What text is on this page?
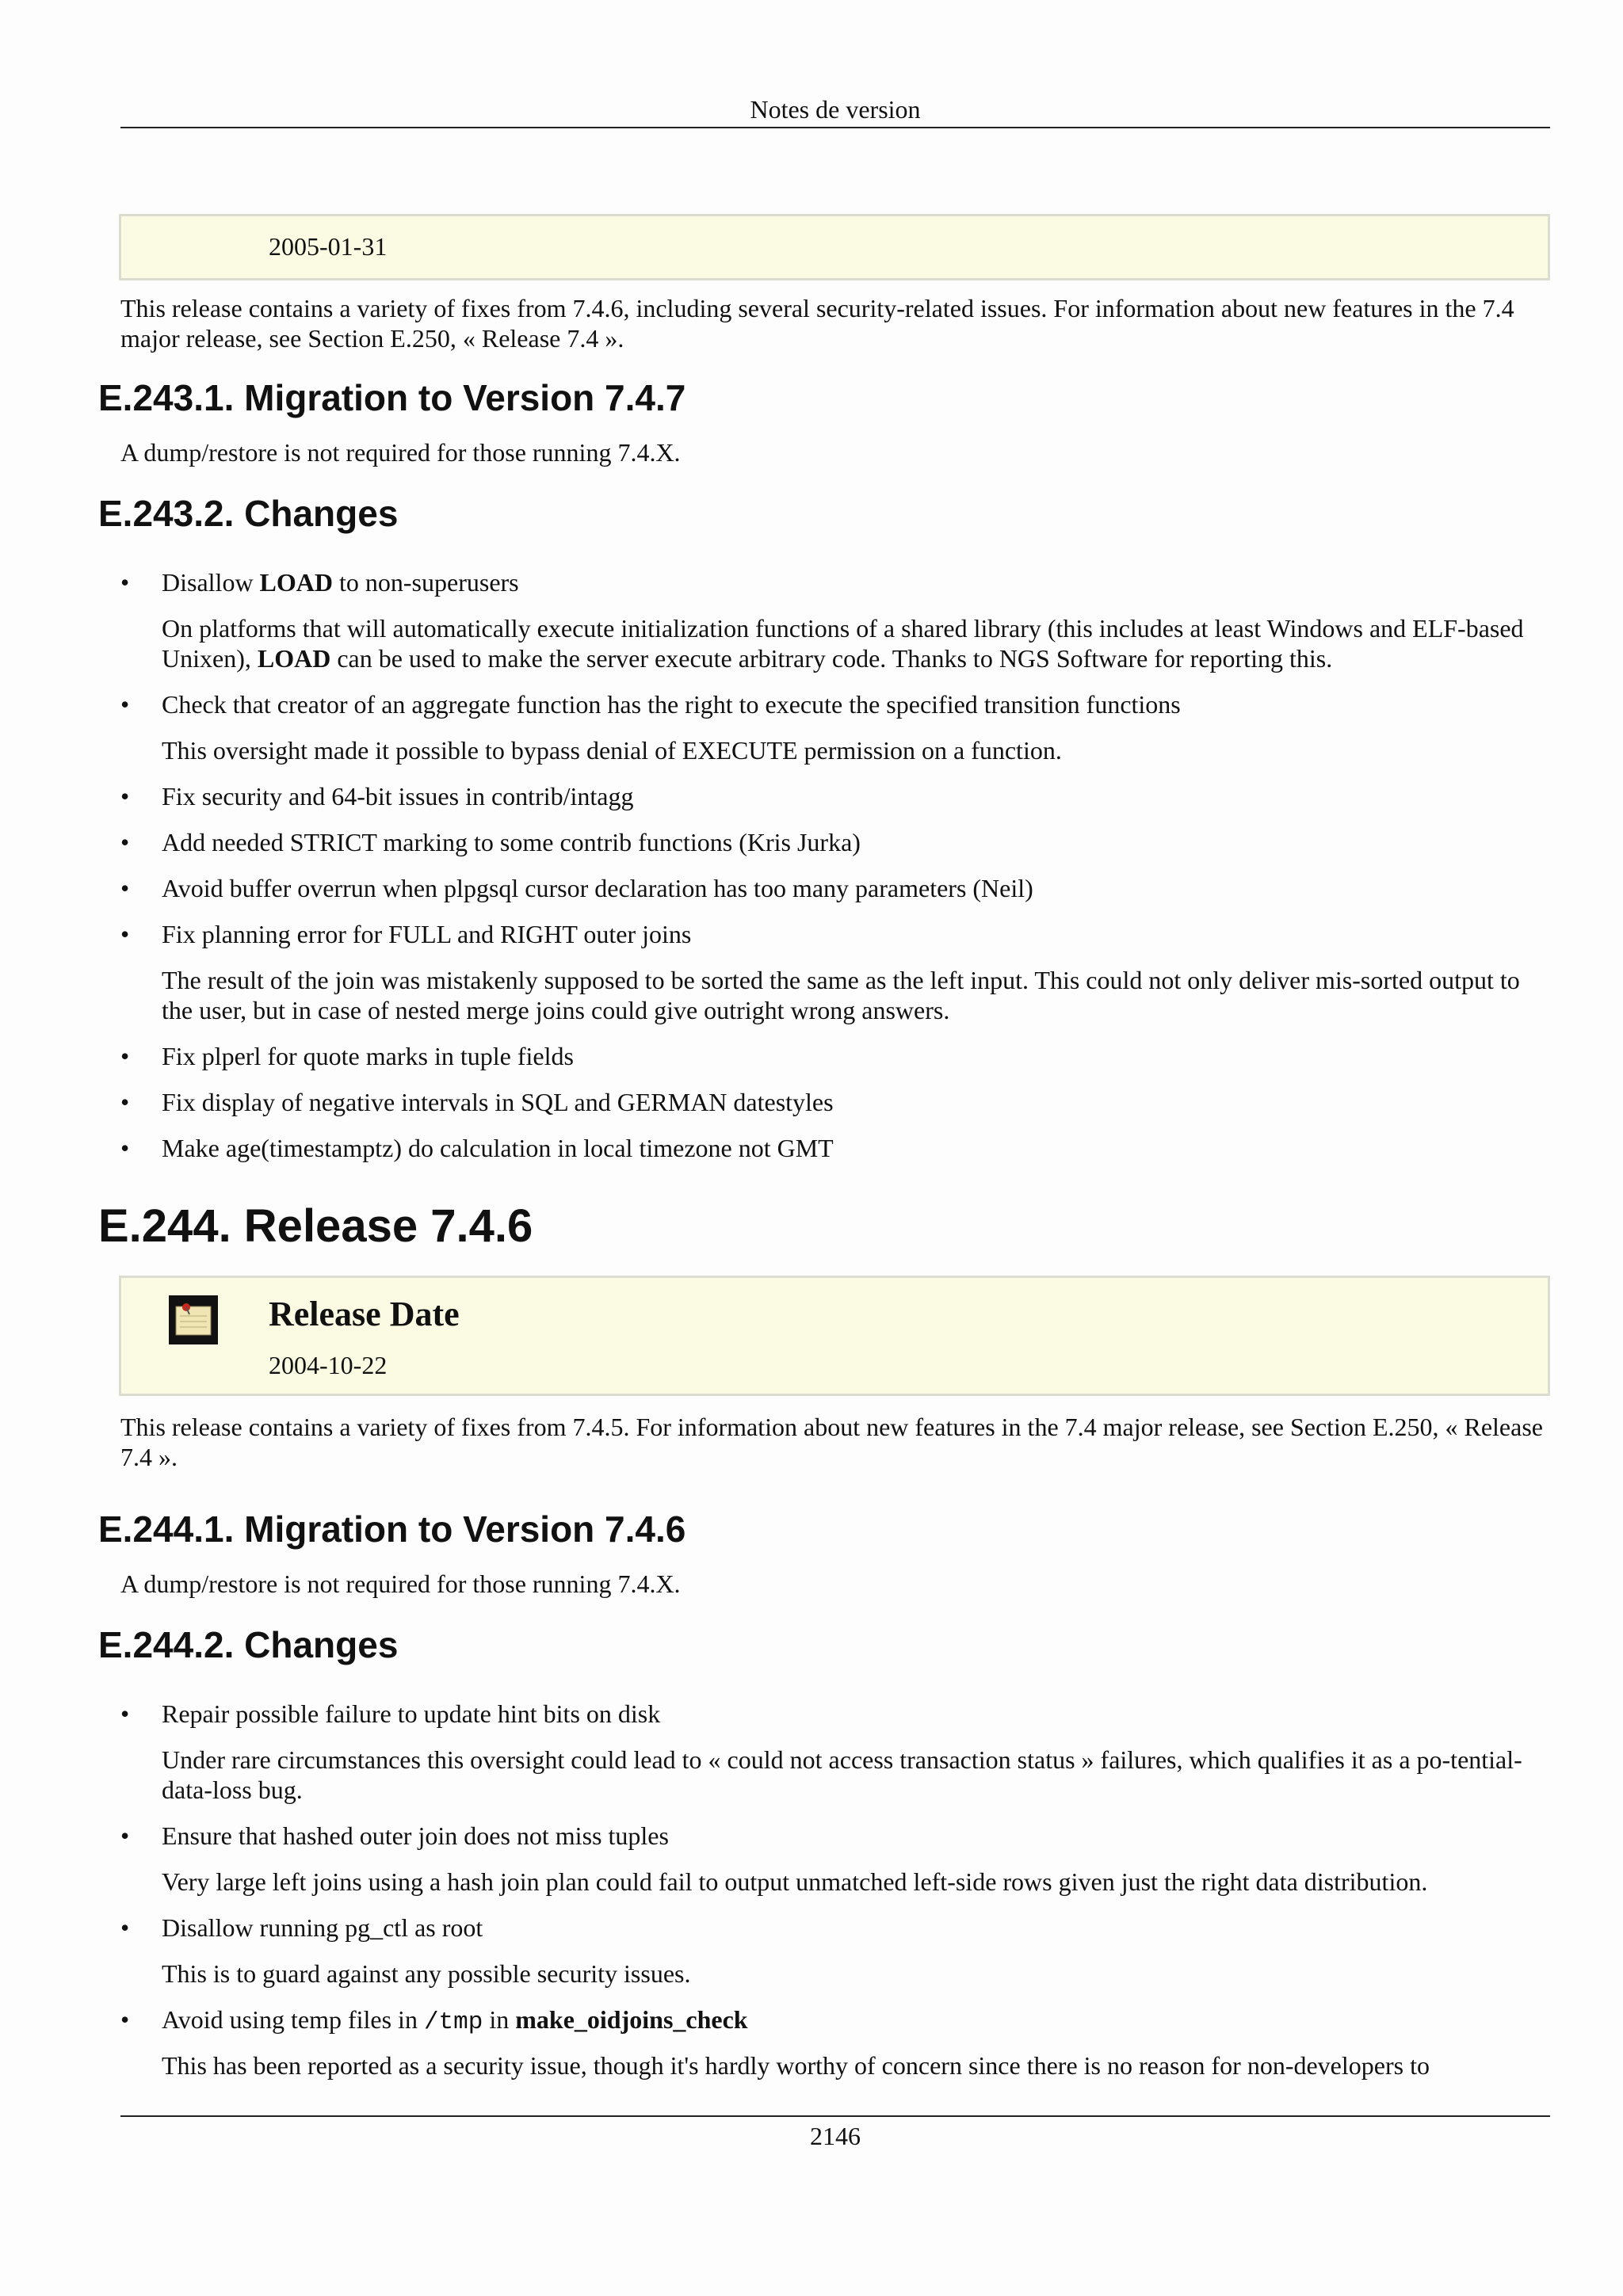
Notes de version
2005-01-31
This release contains a variety of fixes from 7.4.6, including several security-related issues. For information about new features in the 7.4 major release, see Section E.250, « Release 7.4 ».
E.243.1. Migration to Version 7.4.7
A dump/restore is not required for those running 7.4.X.
E.243.2. Changes
• Disallow LOAD to non-superusers
On platforms that will automatically execute initialization functions of a shared library (this includes at least Windows and ELF-based Unixen), LOAD can be used to make the server execute arbitrary code. Thanks to NGS Software for reporting this.
• Check that creator of an aggregate function has the right to execute the specified transition functions
This oversight made it possible to bypass denial of EXECUTE permission on a function.
• Fix security and 64-bit issues in contrib/intagg
• Add needed STRICT marking to some contrib functions (Kris Jurka)
• Avoid buffer overrun when plpgsql cursor declaration has too many parameters (Neil)
• Fix planning error for FULL and RIGHT outer joins
The result of the join was mistakenly supposed to be sorted the same as the left input. This could not only deliver mis-sorted output to the user, but in case of nested merge joins could give outright wrong answers.
• Fix plperl for quote marks in tuple fields
• Fix display of negative intervals in SQL and GERMAN datestyles
• Make age(timestamptz) do calculation in local timezone not GMT
E.244. Release 7.4.6
Release Date
2004-10-22
This release contains a variety of fixes from 7.4.5. For information about new features in the 7.4 major release, see Section E.250, « Release 7.4 ».
E.244.1. Migration to Version 7.4.6
A dump/restore is not required for those running 7.4.X.
E.244.2. Changes
• Repair possible failure to update hint bits on disk
Under rare circumstances this oversight could lead to « could not access transaction status » failures, which qualifies it as a po-tential-data-loss bug.
• Ensure that hashed outer join does not miss tuples
Very large left joins using a hash join plan could fail to output unmatched left-side rows given just the right data distribution.
• Disallow running pg_ctl as root
This is to guard against any possible security issues.
• Avoid using temp files in /tmp in make_oidjoins_check
This has been reported as a security issue, though it's hardly worthy of concern since there is no reason for non-developers to
2146
